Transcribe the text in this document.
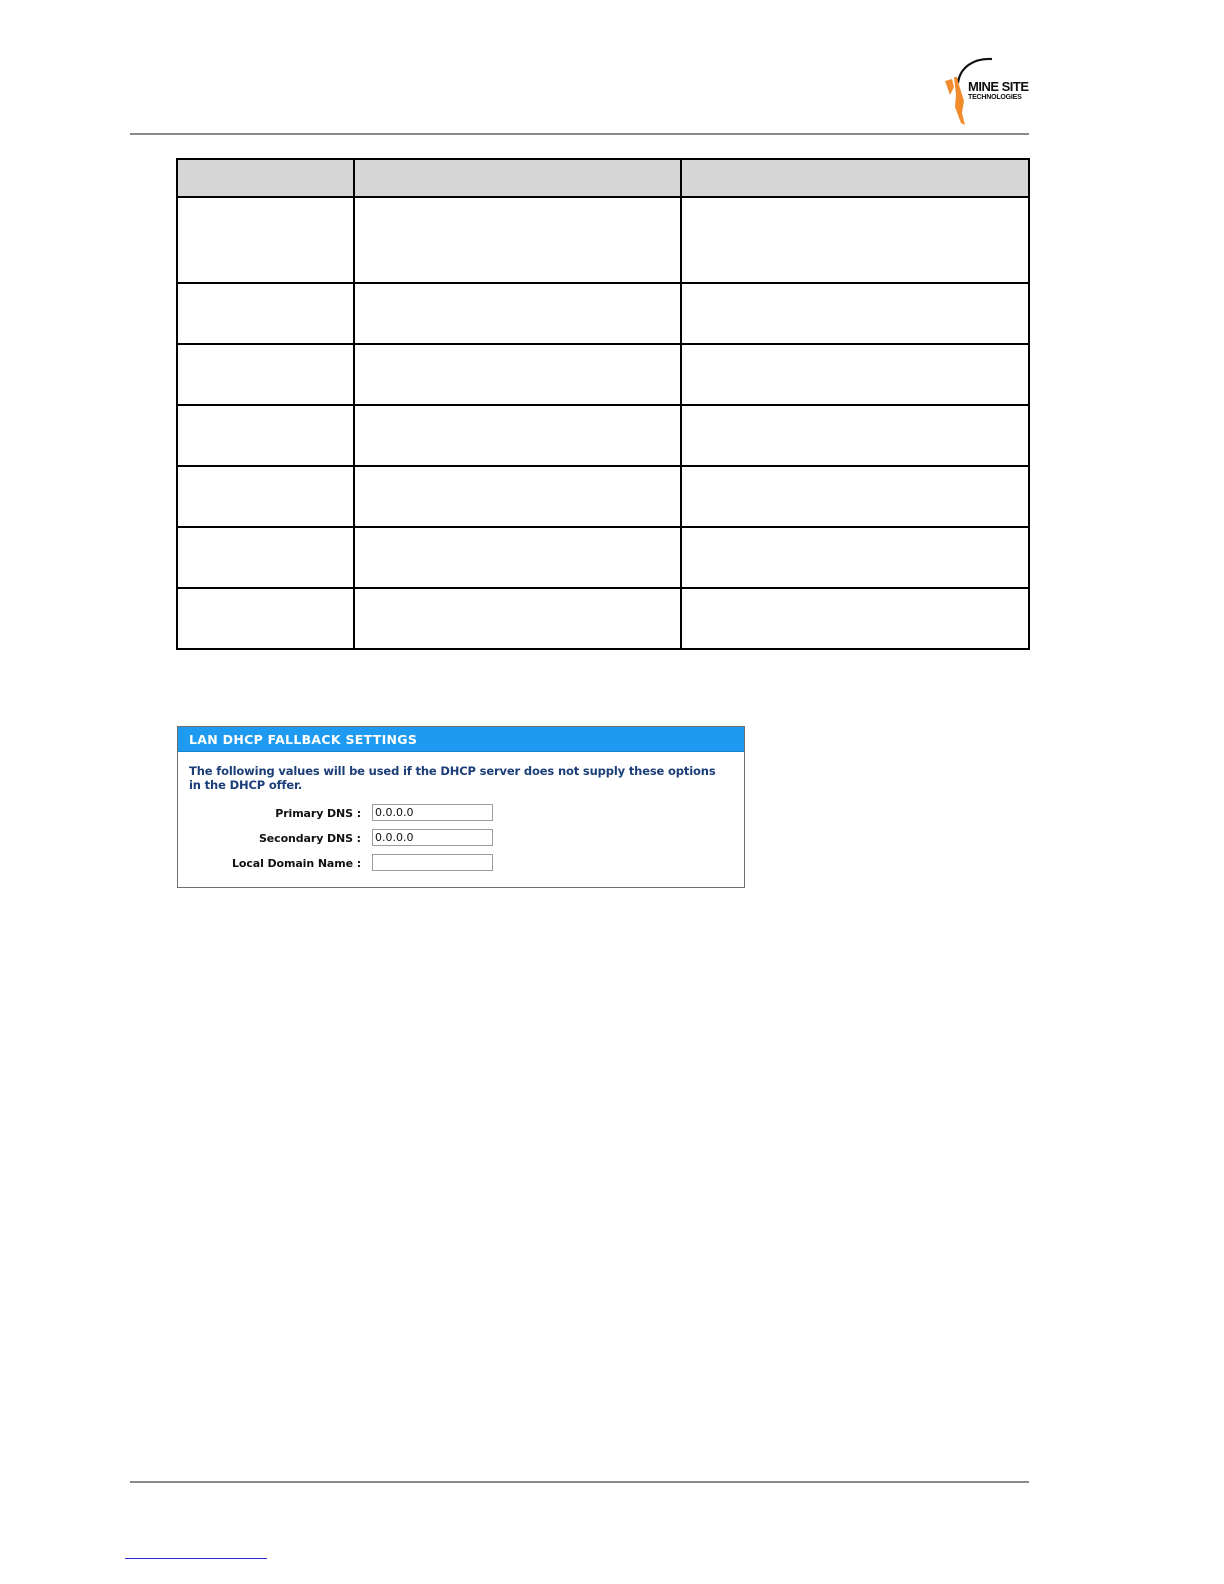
MINE SITE
TECHNOLOGIES

LAN DHCP FALLBACK SETTINGS
The following values will be used if the DHCP server does not supply these options in the DHCP offer.
Primary DNS :
0.0.0.0
Secondary DNS :
0.0.0.0
Local Domain Name :
